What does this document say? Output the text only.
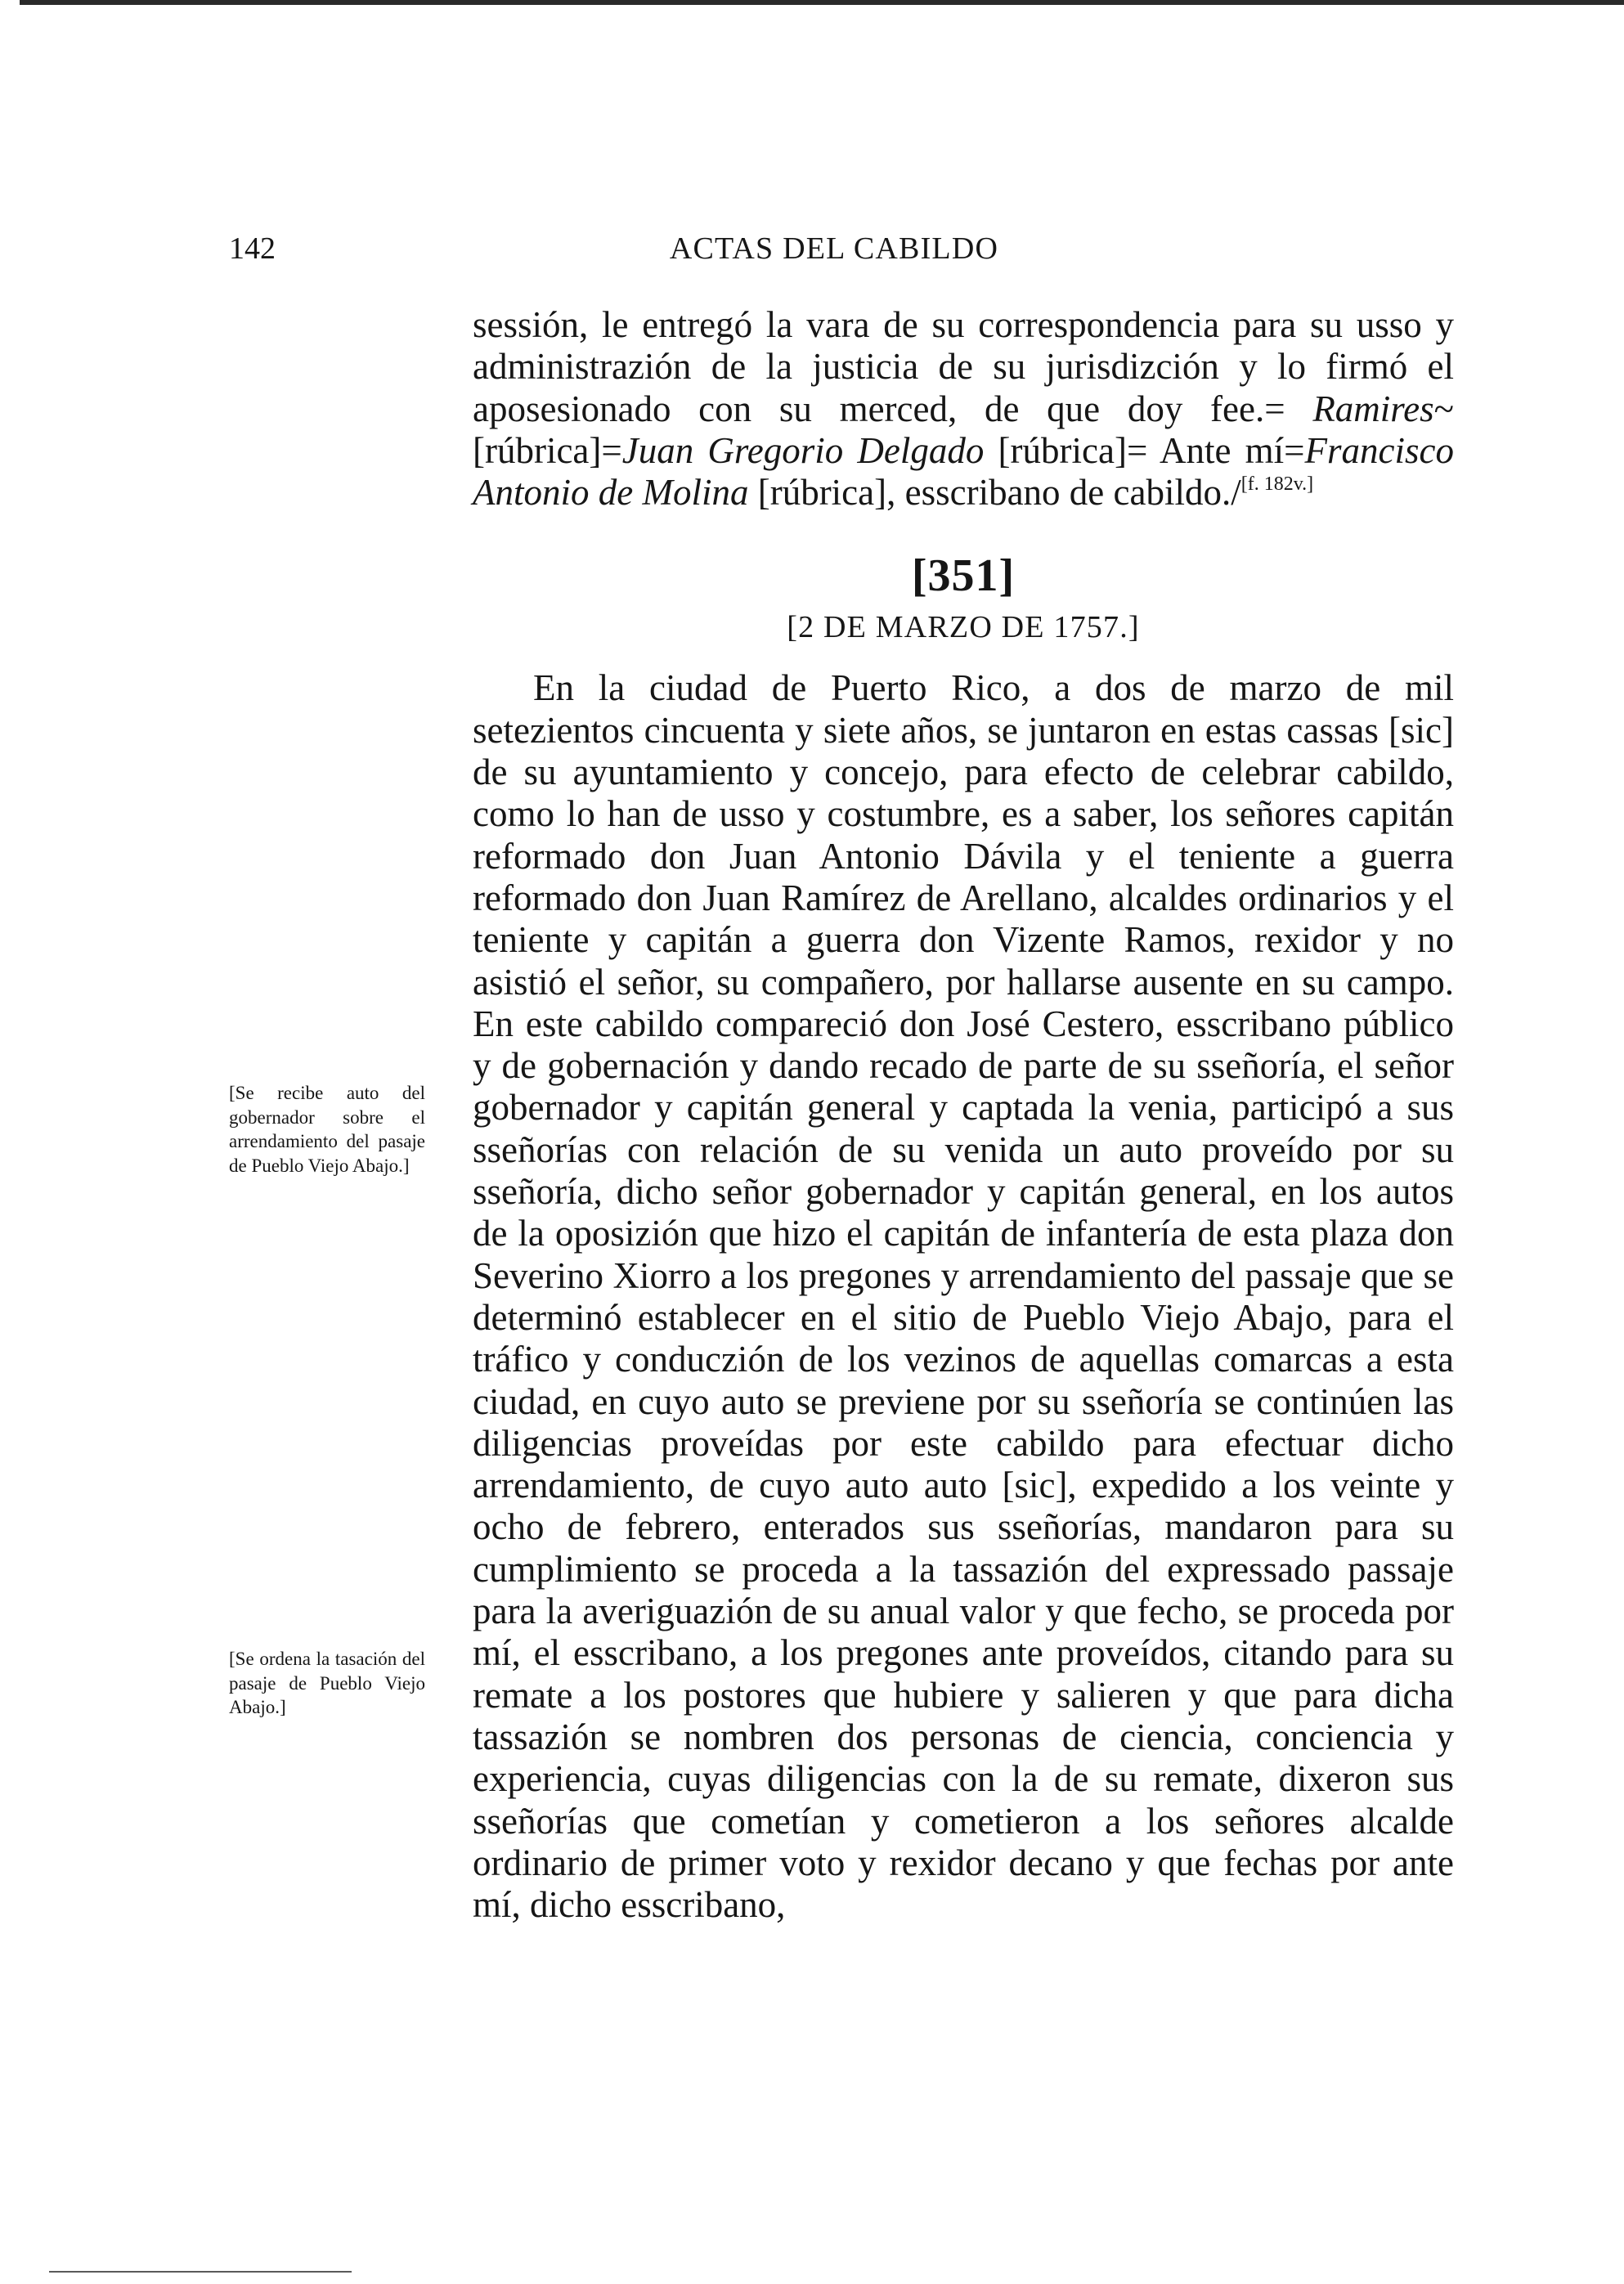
142	ACTAS DEL CABILDO

sessión, le entregó la vara de su correspondencia para su usso y administrazión de la justicia de su jurisdizción y lo firmó el aposesionado con su merced, de que doy fee.= Ramires~[rúbrica]=Juan Gregorio Delgado [rúbrica]= Ante mí=Francisco Antonio de Molina [rúbrica], esscribano de cabildo./[f. 182v.]

[351]
[2 DE MARZO DE 1757.]

En la ciudad de Puerto Rico, a dos de marzo de mil setezientos cincuenta y siete años, se juntaron en estas cassas [sic] de su ayuntamiento y concejo, para efecto de celebrar cabildo, como lo han de usso y costumbre, es a saber, los señores capitán reformado don Juan Antonio Dávila y el teniente a guerra reformado don Juan Ramírez de Arellano, alcaldes ordinarios y el teniente y capitán a guerra don Vizente Ramos, rexidor y no asistió el señor, su compañero, por hallarse ausente en su campo. En este cabildo compareció don José Cestero, esscribano público y de gobernación y dando recado de parte de su sseñoría, el señor gobernador y capitán general y captada la venia, participó a sus sseñorías con relación de su venida un auto proveído por su sseñoría, dicho señor gobernador y capitán general, en los autos de la oposizión que hizo el capitán de infantería de esta plaza don Severino Xiorro a los pregones y arrendamiento del passaje que se determinó establecer en el sitio de Pueblo Viejo Abajo, para el tráfico y conduczión de los vezinos de aquellas comarcas a esta ciudad, en cuyo auto se previene por su sseñoría se continúen las diligencias proveídas por este cabildo para efectuar dicho arrendamiento, de cuyo auto auto [sic], expedido a los veinte y ocho de febrero, enterados sus sseñorías, mandaron para su cumplimiento se proceda a la tassazión del expressado passaje para la averiguazión de su anual valor y que fecho, se proceda por mí, el esscribano, a los pregones ante proveídos, citando para su remate a los postores que hubiere y salieren y que para dicha tassazión se nombren dos personas de ciencia, conciencia y experiencia, cuyas diligencias con la de su remate, dixeron sus sseñorías que cometían y cometieron a los señores alcalde ordinario de primer voto y rexidor decano y que fechas por ante mí, dicho esscribano,

[Se recibe auto del gobernador sobre el arrendamiento del pasaje de Pueblo Viejo Abajo.]
[Se ordena la tasación del pasaje de Pueblo Viejo Abajo.]
